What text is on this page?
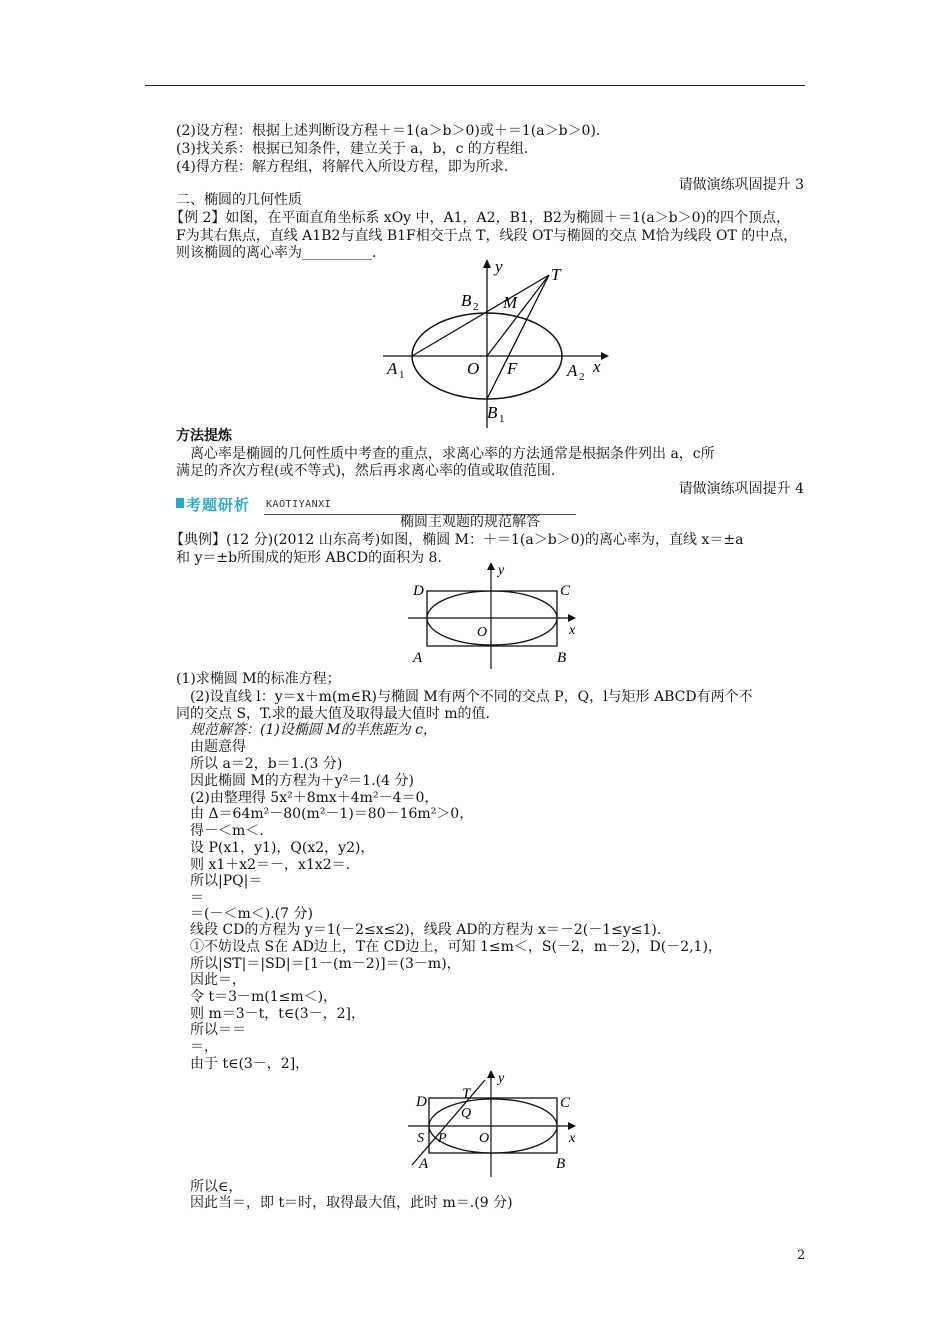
(2)设方程：根据上述判断设方程＋＝1(a＞b＞0)或＋＝1(a＞b＞0).
(3)找关系：根据已知条件，建立关于 a，b，c 的方程组.
(4)得方程：解方程组，将解代入所设方程，即为所求.
请做演练巩固提升 3
二、椭圆的几何性质
【例 2】如图，在平面直角坐标系 xOy 中，A1，A2，B1，B2为椭圆＋＝1(a＞b＞0)的四个顶点，
F为其右焦点，直线 A1B2与直线 B1F相交于点 T，线段 OT与椭圆的交点 M恰为线段 OT 的中点，
则该椭圆的离心率为__________.
y	T
M
B 2
A 1	O F	A 2
x
B 1
方法提炼
离心率是椭圆的几何性质中考查的重点，求离心率的方法通常是根据条件列出 a，c所
满足的齐次方程(或不等式)，然后再求离心率的值或取值范围.
请做演练巩固提升 4
考题研析 KAOTIYANXI
椭圆主观题的规范解答
【典例】(12 分)(2012 山东高考)如图，椭圆 M：＋＝1(a＞b＞0)的离心率为，直线 x＝±a
和 y＝±b所围成的矩形 ABCD的面积为 8.
D	C
y
x
O
A	B
(1)求椭圆 M的标准方程；
(2)设直线 l：y＝x＋m(m∈R)与椭圆 M有两个不同的交点 P，Q，l与矩形 ABCD有两个不
同的交点 S，T.求的最大值及取得最大值时 m的值.
规范解答：(1)设椭圆 M的半焦距为 c，
由题意得
所以 a＝2，b＝1.(3 分)
因此椭圆 M的方程为＋y²＝1.(4 分)
(2)由整理得 5x²＋8mx＋4m²－4＝0，
由 Δ＝64m²－80(m²－1)＝80－16m²＞0，
得－＜m＜.
设 P(x1，y1)，Q(x2，y2)，
则 x1＋x2＝－，x1x2＝.
所以|PQ|＝
＝
＝(－＜m＜).(7 分)
线段 CD的方程为 y＝1(－2≤x≤2)，线段 AD的方程为 x＝－2(－1≤y≤1).
①不妨设点 S在 AD边上，T在 CD边上，可知 1≤m＜，S(－2，m－2)，D(－2,1)，
所以|ST|＝|SD|＝[1－(m－2)]＝(3－m)，
因此＝，
令 t＝3－m(1≤m＜)，
则 m＝3－t，t∈(3－，2]，
所以＝＝
＝，
由于 t∈(3－，2]，
D T
y
C
Q
S P O	x
A	B
所以∈，
因此当＝，即 t＝时，取得最大值，此时 m＝.(9 分)
2
